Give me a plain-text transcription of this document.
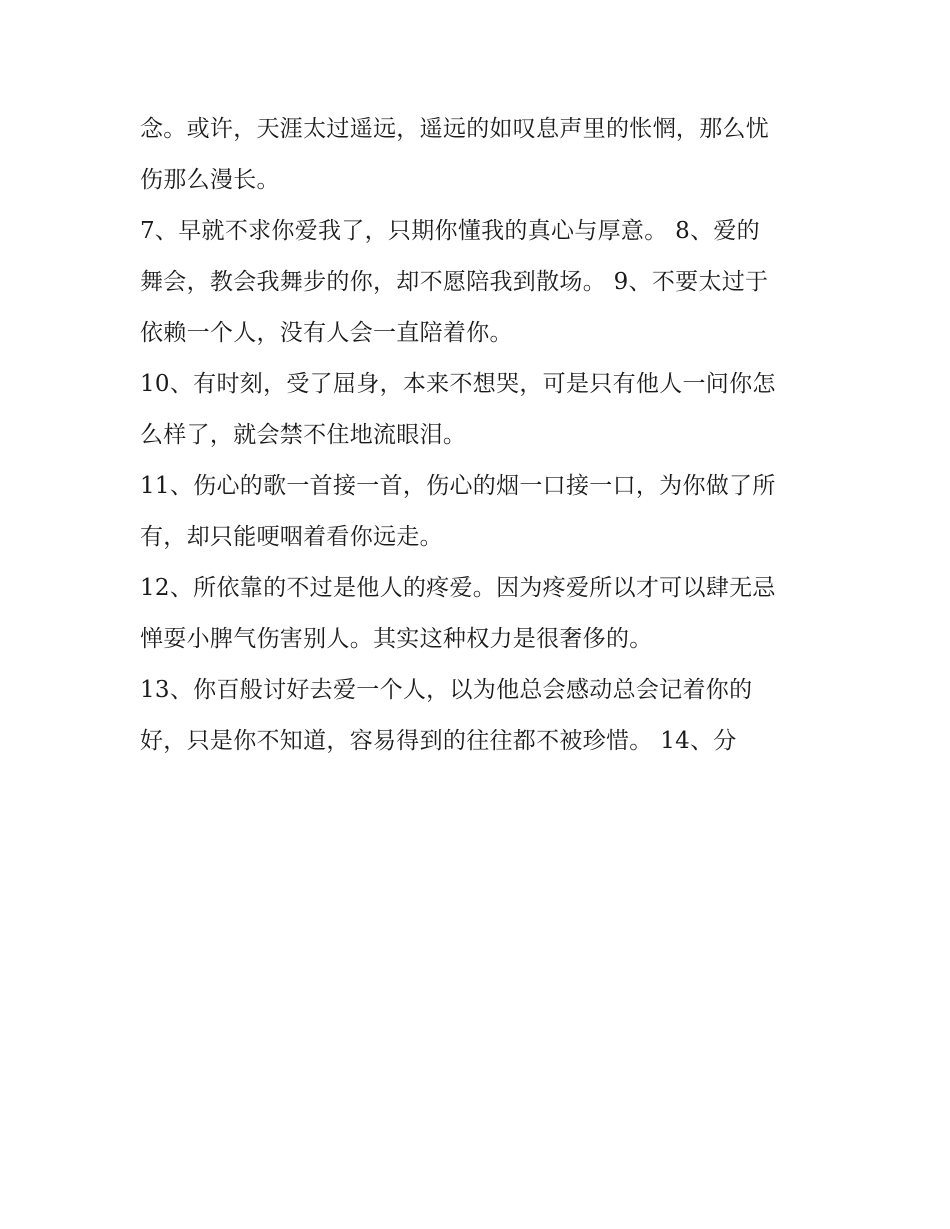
念。或许，天涯太过遥远，遥远的如叹息声里的怅惘，那么忧
伤那么漫长。
7、早就不求你爱我了，只期你懂我的真心与厚意。 8、爱的
舞会，教会我舞步的你，却不愿陪我到散场。 9、不要太过于
依赖一个人，没有人会一直陪着你。
10、有时刻，受了屈身，本来不想哭，可是只有他人一问你怎
么样了，就会禁不住地流眼泪。
11、伤心的歌一首接一首，伤心的烟一口接一口，为你做了所
有，却只能哽咽着看你远走。
12、所依靠的不过是他人的疼爱。因为疼爱所以才可以肆无忌
惮耍小脾气伤害别人。其实这种权力是很奢侈的。
13、你百般讨好去爱一个人，以为他总会感动总会记着你的
好，只是你不知道，容易得到的往往都不被珍惜。 14、分
